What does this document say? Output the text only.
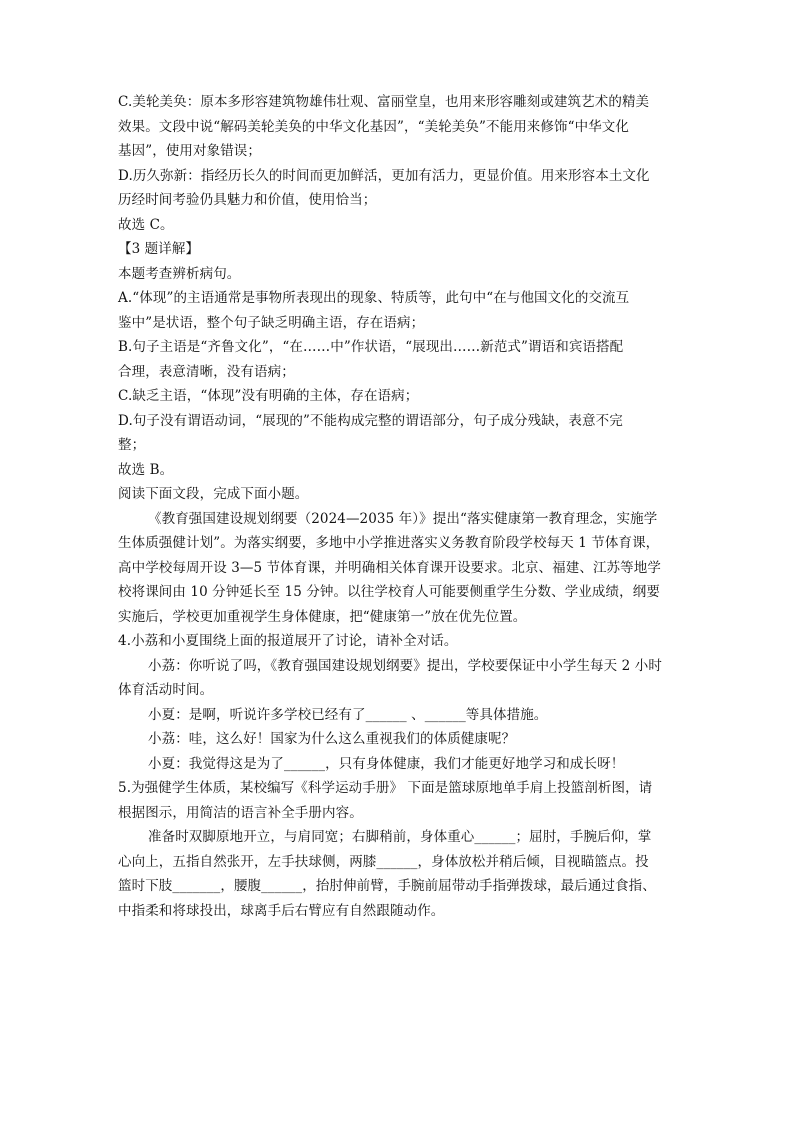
C.美轮美奂：原本多形容建筑物雄伟壮观、富丽堂皇，也用来形容雕刻或建筑艺术的精美
效果。文段中说“解码美轮美奂的中华文化基因”，“美轮美奂”不能用来修饰“中华文化
基因”，使用对象错误；
D.历久弥新：指经历长久的时间而更加鲜活，更加有活力，更显价值。用来形容本土文化
历经时间考验仍具魅力和价值，使用恰当；
故选 C。
【3 题详解】
本题考查辨析病句。
A.“体现”的主语通常是事物所表现出的现象、特质等，此句中“在与他国文化的交流互
鉴中”是状语，整个句子缺乏明确主语，存在语病；
B.句子主语是“齐鲁文化”，“在……中”作状语，“展现出……新范式”谓语和宾语搭配
合理，表意清晰，没有语病；
C.缺乏主语，“体现”没有明确的主体，存在语病；
D.句子没有谓语动词，“展现的”不能构成完整的谓语部分，句子成分残缺，表意不完
整；
故选 B。
阅读下面文段，完成下面小题。
《教育强国建设规划纲要（2024—2035 年）》提出“落实健康第一教育理念，实施学
生体质强健计划”。为落实纲要，多地中小学推进落实义务教育阶段学校每天 1 节体育课，
高中学校每周开设 3—5 节体育课，并明确相关体育课开设要求。北京、福建、江苏等地学
校将课间由 10 分钟延长至 15 分钟。以往学校育人可能要侧重学生分数、学业成绩，纲要
实施后，学校更加重视学生身体健康，把“健康第一”放在优先位置。
4.小荔和小夏围绕上面的报道展开了讨论，请补全对话。
小荔：你听说了吗，《教育强国建设规划纲要》提出，学校要保证中小学生每天 2 小时
体育活动时间。
小夏：是啊，听说许多学校已经有了______ 、______等具体措施。
小荔：哇，这么好！国家为什么这么重视我们的体质健康呢？
小夏：我觉得这是为了______，只有身体健康，我们才能更好地学习和成长呀！
5.为强健学生体质，某校编写《科学运动手册》 下面是篮球原地单手肩上投篮剖析图，请
根据图示，用简洁的语言补全手册内容。
准备时双脚原地开立，与肩同宽；右脚稍前，身体重心______；屈肘，手腕后仰，掌
心向上，五指自然张开，左手扶球侧，两膝______，身体放松并稍后倾，目视瞄篮点。投
篮时下肢_______，腰腹______，抬肘伸前臂，手腕前屈带动手指弹拨球，最后通过食指、
中指柔和将球投出，球离手后右臂应有自然跟随动作。
